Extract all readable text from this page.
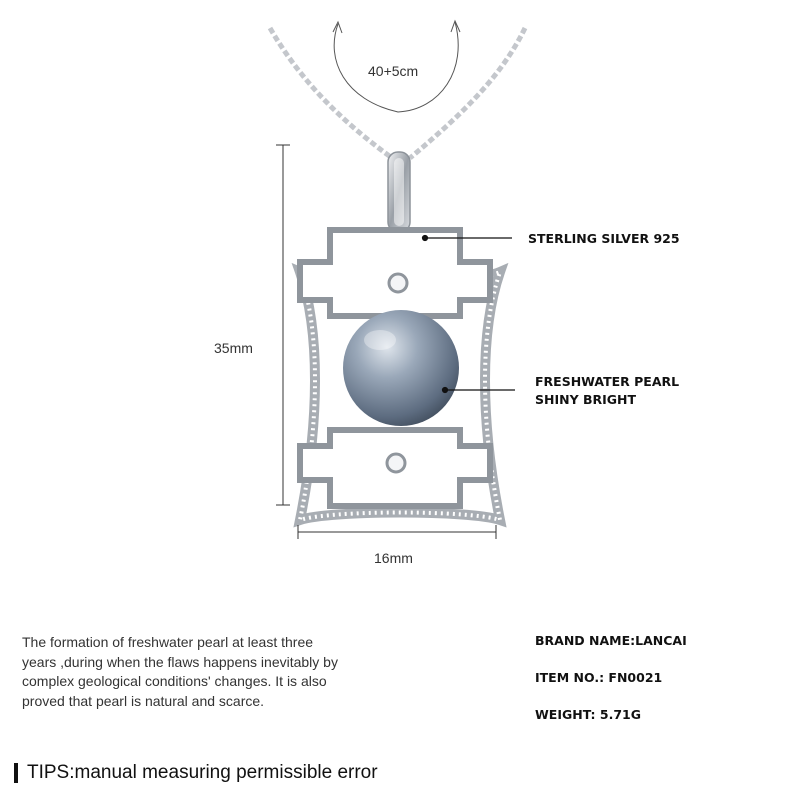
40+5cm
35mm
16mm
STERLING SILVER 925
FRESHWATER PEARL
SHINY BRIGHT
The formation of freshwater pearl at least three
years ,during when the flaws happens inevitably by
complex geological conditions' changes. It is also
proved that pearl is natural and scarce.
BRAND NAME:LANCAI
ITEM NO.: FN0021
WEIGHT: 5.71G
TIPS:manual measuring permissible error
